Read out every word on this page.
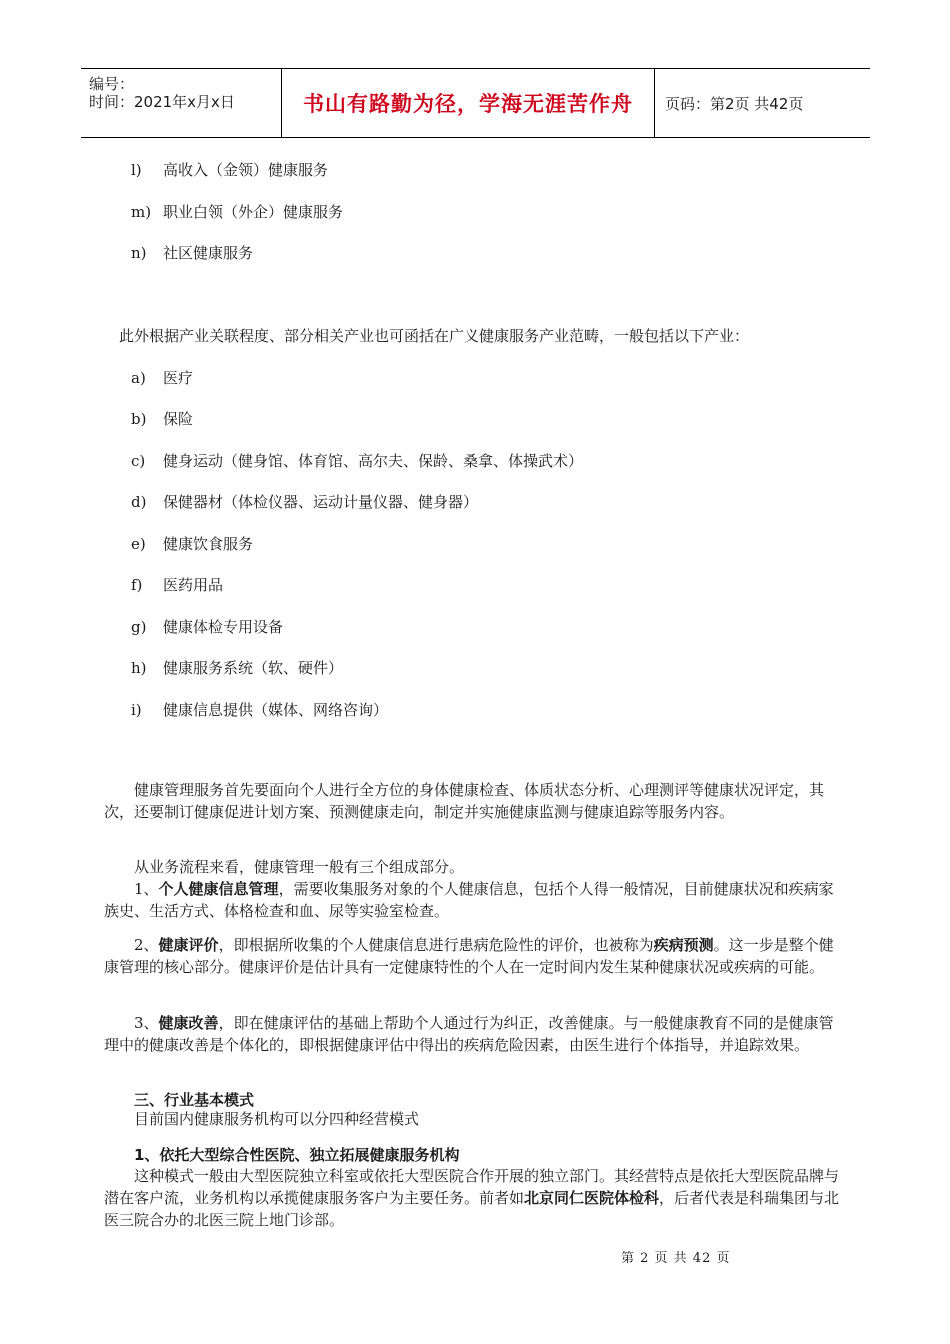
编号：
时间：2021年x月x日	书山有路勤为径，学海无涯苦作舟	页码：第2页 共42页
l) 高收入（金领）健康服务
m) 职业白领（外企）健康服务
n) 社区健康服务
此外根据产业关联程度、部分相关产业也可函括在广义健康服务产业范畴，一般包括以下产业：
a) 医疗
b) 保险
c) 健身运动（健身馆、体育馆、高尔夫、保龄、桑拿、体操武术）
d) 保健器材（体检仪器、运动计量仪器、健身器）
e) 健康饮食服务
f) 医药用品
g) 健康体检专用设备
h) 健康服务系统（软、硬件）
i) 健康信息提供（媒体、网络咨询）
健康管理服务首先要面向个人进行全方位的身体健康检查、体质状态分析、心理测评等健康状况评定，其次，还要制订健康促进计划方案、预测健康走向，制定并实施健康监测与健康追踪等服务内容。
从业务流程来看，健康管理一般有三个组成部分。
1、个人健康信息管理，需要收集服务对象的个人健康信息，包括个人得一般情况，目前健康状况和疾病家族史、生活方式、体格检查和血、尿等实验室检查。
2、健康评价，即根据所收集的个人健康信息进行患病危险性的评价，也被称为疾病预测。这一步是整个健康管理的核心部分。健康评价是估计具有一定健康特性的个人在一定时间内发生某种健康状况或疾病的可能。
3、健康改善，即在健康评估的基础上帮助个人通过行为纠正，改善健康。与一般健康教育不同的是健康管理中的健康改善是个体化的，即根据健康评估中得出的疾病危险因素，由医生进行个体指导，并追踪效果。
三、行业基本模式
目前国内健康服务机构可以分四种经营模式
1、依托大型综合性医院、独立拓展健康服务机构
这种模式一般由大型医院独立科室或依托大型医院合作开展的独立部门。其经营特点是依托大型医院品牌与潜在客户流，业务机构以承揽健康服务客户为主要任务。前者如北京同仁医院体检科，后者代表是科瑞集团与北医三院合办的北医三院上地门诊部。
第 2 页 共 42 页
